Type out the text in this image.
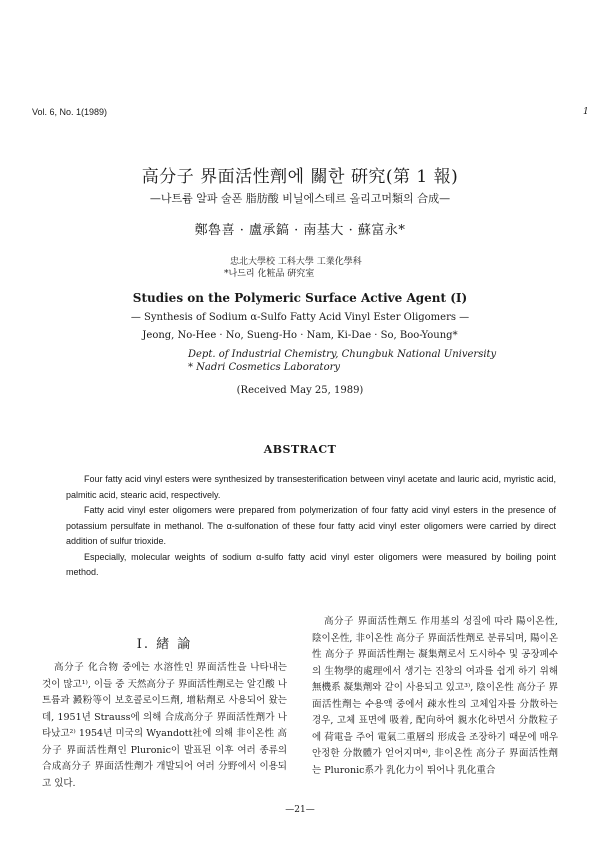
Vol. 6, No. 1(1989)	1
高分子 界面活性劑에 關한 硏究(第 1 報)
—나트륨 알파 술폰 脂肪酸 비닐에스테르 올리고머類의 合成—
鄭魯喜 · 盧承鎬 · 南基大 · 蘇富永*
忠北大學校 工科大學 工業化學科
*나드리 化粧品 硏究室
Studies on the Polymeric Surface Active Agent (I)
— Synthesis of Sodium α-Sulfo Fatty Acid Vinyl Ester Oligomers —
Jeong, No-Hee · No, Sueng-Ho · Nam, Ki-Dae · So, Boo-Young*
Dept. of Industrial Chemistry, Chungbuk National University
* Nadri Cosmetics Laboratory
(Received May 25, 1989)
ABSTRACT

Four fatty acid vinyl esters were synthesized by transesterification between vinyl acetate and lauric acid, myristic acid, palmitic acid, stearic acid, respectively.

Fatty acid vinyl ester oligomers were prepared from polymerization of four fatty acid vinyl esters in the presence of potassium persulfate in methanol. The α-sulfonation of these four fatty acid vinyl ester oligomers were carried by direct addition of sulfur trioxide.

Especially, molecular weights of sodium α-sulfo fatty acid vinyl ester oligomers were measured by boiling point method.

I. 緖 論

高分子 化合物 중에는 水溶性인 界面活性을 나타내는 것이 많고¹⁾, 이들 중 天然高分子 界面活性劑로는 알긴酸 나트륨과 澱粉等이 보호콜로이드劑, 增粘劑로 사용되어 왔는데, 1951년 Strauss에 의해 合成高分子 界面活性劑가 나타났고²⁾ 1954년 미국의 Wyandott社에 의해 非이온性 高分子 界面活性劑인 Pluronic이 발표된 이후 여러 종류의 合成高分子 界面活性劑가 개발되어 여러 分野에서 이용되고 있다.

高分子 界面活性劑도 作用基의 성질에 따라 陽이온性, 陰이온性, 非이온性 高分子 界面活性劑로 분류되며, 陽이온性 高分子 界面活性劑는 凝集劑로서 도시하수 및 공장폐수의 生物學的處理에서 생기는 진창의 여과를 쉽게 하기 위해 無機系 凝集劑와 같이 사용되고 있고³⁾, 陰이온性 高分子 界面活性劑는 수용액 중에서 疎水性의 고체입자를 分散하는 경우, 고체 표면에 吸着, 配向하여 親水化하면서 分散粒子에 荷電을 주어 電氣二重層의 形成을 조장하기 때문에 매우 안정한 分散體가 얻어지며⁴⁾, 非이온性 高分子 界面活性劑는 Pluronic系가 乳化力이 뛰어나 乳化重合

—21—
